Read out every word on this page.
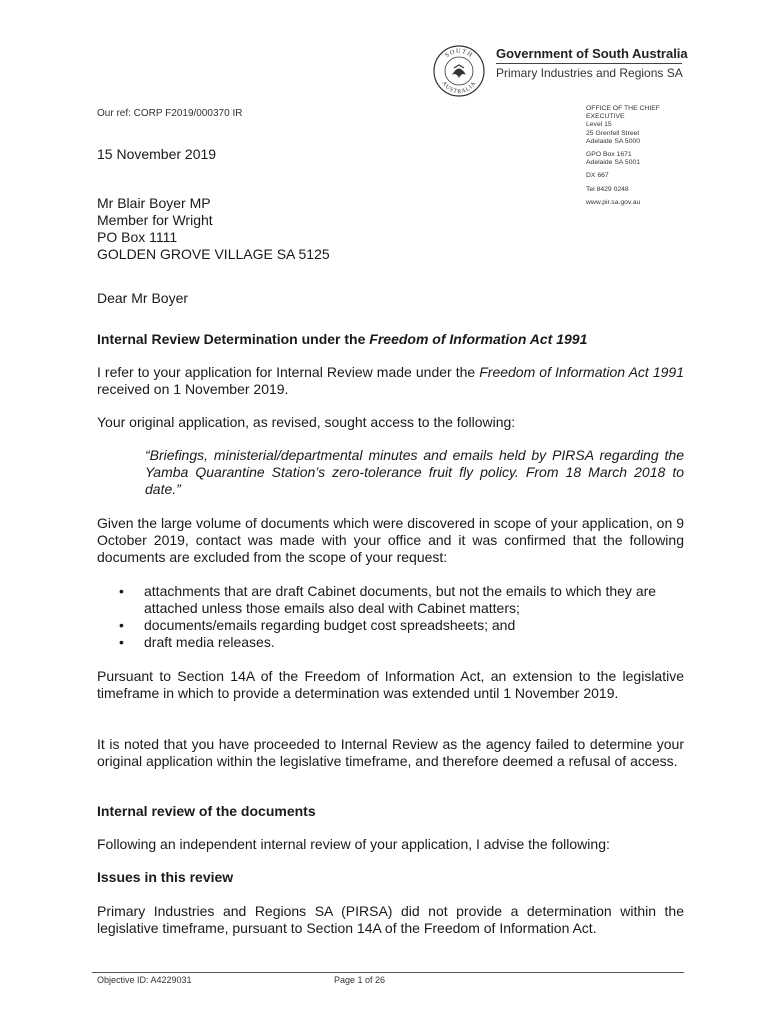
SOUTH
AUSTRALIA
Government of South Australia
Primary Industries and Regions SA
Our ref: CORP F2019/000370 IR	OFFICE OF THE CHIEF
EXECUTIVE
Level 15
25 Grenfell Street
Adelaide SA 5000
GPO Box 1671
Adelaide SA 5001
DX 667
Tel 8429 0248
www.pir.sa.gov.au
15 November 2019
Mr Blair Boyer MP
Member for Wright
PO Box 1111
GOLDEN GROVE VILLAGE SA 5125
Dear Mr Boyer
Internal Review Determination under the Freedom of Information Act 1991
I refer to your application for Internal Review made under the Freedom of Information Act 1991 received on 1 November 2019.
Your original application, as revised, sought access to the following:
“Briefings, ministerial/departmental minutes and emails held by PIRSA regarding the Yamba Quarantine Station’s zero-tolerance fruit fly policy. From 18 March 2018 to date.”
Given the large volume of documents which were discovered in scope of your application, on 9 October 2019, contact was made with your office and it was confirmed that the following documents are excluded from the scope of your request:
• attachments that are draft Cabinet documents, but not the emails to which they are attached unless those emails also deal with Cabinet matters;
• documents/emails regarding budget cost spreadsheets; and
• draft media releases.
Pursuant to Section 14A of the Freedom of Information Act, an extension to the legislative timeframe in which to provide a determination was extended until 1 November 2019.
It is noted that you have proceeded to Internal Review as the agency failed to determine your original application within the legislative timeframe, and therefore deemed a refusal of access.
Internal review of the documents
Following an independent internal review of your application, I advise the following:
Issues in this review
Primary Industries and Regions SA (PIRSA) did not provide a determination within the legislative timeframe, pursuant to Section 14A of the Freedom of Information Act.
Objective ID: A4229031	Page 1 of 26
